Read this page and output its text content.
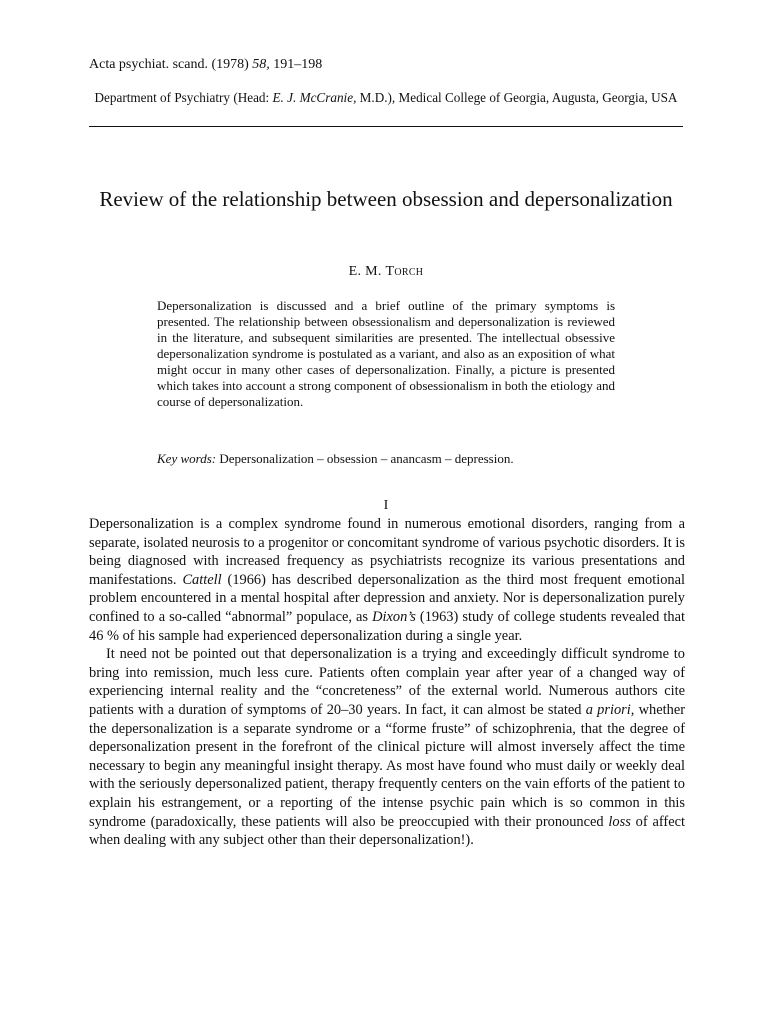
Acta psychiat. scand. (1978) 58, 191–198
Department of Psychiatry (Head: E. J. McCranie, M.D.), Medical College of Georgia, Augusta, Georgia, USA
Review of the relationship between obsession and depersonalization
E. M. Torch
Depersonalization is discussed and a brief outline of the primary symptoms is presented. The relationship between obsessionalism and depersonalization is reviewed in the literature, and subsequent similarities are presented. The intellectual obsessive depersonalization syndrome is postulated as a variant, and also as an exposition of what might occur in many other cases of depersonalization. Finally, a picture is presented which takes into account a strong component of obsessionalism in both the etiology and course of depersonalization.
Key words: Depersonalization – obsession – anancasm – depression.
I

Depersonalization is a complex syndrome found in numerous emotional disorders, ranging from a separate, isolated neurosis to a progenitor or concomitant syndrome of various psychotic disorders. It is being diagnosed with increased frequency as psychiatrists recognize its various presentations and manifestations. Cattell (1966) has described depersonalization as the third most frequent emotional problem encountered in a mental hospital after depression and anxiety. Nor is depersonalization purely confined to a so-called “abnormal” populace, as Dixon’s (1963) study of college students revealed that 46 % of his sample had experienced depersonalization during a single year.

It need not be pointed out that depersonalization is a trying and exceedingly difficult syndrome to bring into remission, much less cure. Patients often complain year after year of a changed way of experiencing internal reality and the “concreteness” of the external world. Numerous authors cite patients with a duration of symptoms of 20–30 years. In fact, it can almost be stated a priori, whether the depersonalization is a separate syndrome or a “forme fruste” of schizophrenia, that the degree of depersonalization present in the forefront of the clinical picture will almost inversely affect the time necessary to begin any meaningful insight therapy. As most have found who must daily or weekly deal with the seriously depersonalized patient, therapy frequently centers on the vain efforts of the patient to explain his estrangement, or a reporting of the intense psychic pain which is so common in this syndrome (paradoxically, these patients will also be preoccupied with their pronounced loss of affect when dealing with any subject other than their depersonalization!).
